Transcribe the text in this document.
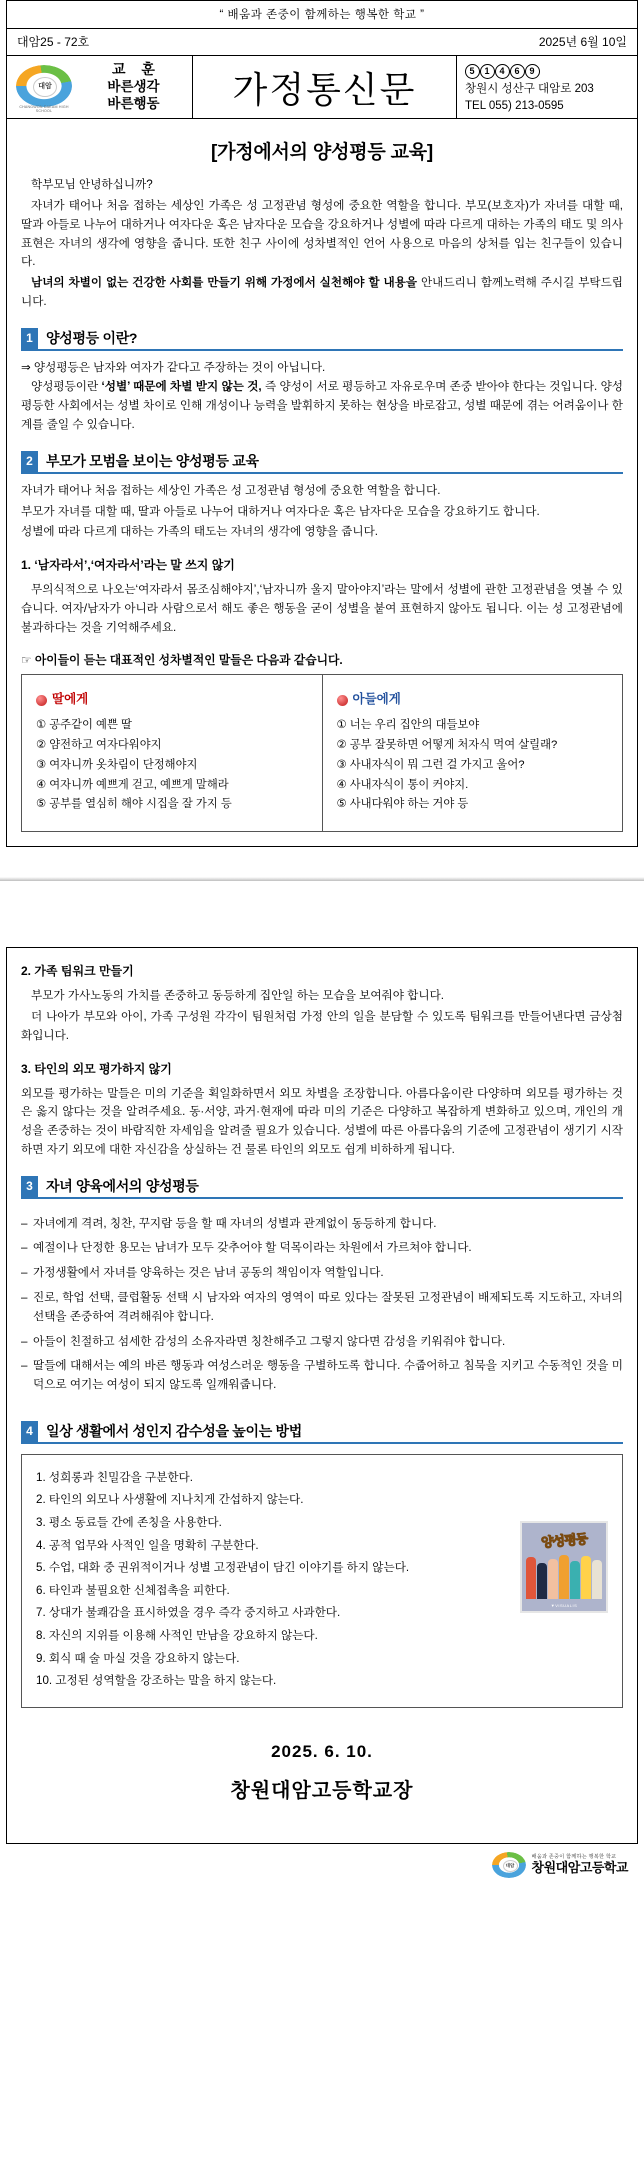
“ 배움과 존중이 함께하는 행복한 학교 ”
대암25 - 72호	2025년 6월 10일
대암
CHANGWON DAEAM HIGH SCHOOL
교 훈
바른생각
바른행동	가정통신문	5 1 4 6 9
창원시 성산구 대암로 203
TEL 055) 213-0595
[가정에서의 양성평등 교육]

학부모님 안녕하십니까?

자녀가 태어나 처음 접하는 세상인 가족은 성 고정관념 형성에 중요한 역할을 합니다. 부모(보호자)가 자녀를 대할 때, 딸과 아들로 나누어 대하거나 여자다운 혹은 남자다운 모습을 강요하거나 성별에 따라 다르게 대하는 가족의 태도 및 의사 표현은 자녀의 생각에 영향을 줍니다. 또한 친구 사이에 성차별적인 언어 사용으로 마음의 상처를 입는 친구들이 있습니다.

남녀의 차별이 없는 건강한 사회를 만들기 위해 가정에서 실천해야 할 내용을 안내드리니 함께노력해 주시길 부탁드립니다.

1 양성평등 이란?

⇒ 양성평등은 남자와 여자가 같다고 주장하는 것이 아닙니다.

양성평등이란 ‘성별’ 때문에 차별 받지 않는 것, 즉 양성이 서로 평등하고 자유로우며 존중 받아야 한다는 것입니다. 양성 평등한 사회에서는 성별 차이로 인해 개성이나 능력을 발휘하지 못하는 현상을 바로잡고, 성별 때문에 겪는 어려움이나 한계를 줄일 수 있습니다.

2 부모가 모범을 보이는 양성평등 교육

자녀가 태어나 처음 접하는 세상인 가족은 성 고정관념 형성에 중요한 역할을 합니다.

부모가 자녀를 대할 때, 딸과 아들로 나누어 대하거나 여자다운 혹은 남자다운 모습을 강요하기도 합니다.

성별에 따라 다르게 대하는 가족의 태도는 자녀의 생각에 영향을 줍니다.

1. ‘남자라서’,‘여자라서’라는 말 쓰지 않기

무의식적으로 나오는‘여자라서 몸조심해야지’,‘남자니까 울지 말아야지’라는 말에서 성별에 관한 고정관념을 엿볼 수 있습니다. 여자/남자가 아니라 사람으로서 해도 좋은 행동을 굳이 성별을 붙여 표현하지 않아도 됩니다. 이는 성 고정관념에 불과하다는 것을 기억해주세요.

☞ 아이들이 듣는 대표적인 성차별적인 말들은 다음과 같습니다.
딸에게
① 공주같이 예쁜 딸
② 얌전하고 여자다워야지
③ 여자니까 옷차림이 단정해야지
④ 여자니까 예쁘게 걷고, 예쁘게 말해라
⑤ 공부를 열심히 해야 시집을 잘 가지 등

아들에게
① 너는 우리 집안의 대들보야
② 공부 잘못하면 어떻게 처자식 먹여 살릴래?
③ 사내자식이 뭐 그런 걸 가지고 울어?
④ 사내자식이 통이 커야지.
⑤ 사내다워야 하는 거야 등
2. 가족 팀워크 만들기

부모가 가사노동의 가치를 존중하고 동등하게 집안일 하는 모습을 보여줘야 합니다.

더 나아가 부모와 아이, 가족 구성원 각각이 팀원처럼 가정 안의 일을 분담할 수 있도록 팀워크를 만들어낸다면 금상첨화입니다.

3. 타인의 외모 평가하지 않기

외모를 평가하는 말들은 미의 기준을 획일화하면서 외모 차별을 조장합니다. 아름다움이란 다양하며 외모를 평가하는 것은 옳지 않다는 것을 알려주세요. 동·서양, 과거·현재에 따라 미의 기준은 다양하고 복잡하게 변화하고 있으며, 개인의 개성을 존중하는 것이 바람직한 자세임을 알려줄 필요가 있습니다. 성별에 따른 아름다움의 기준에 고정관념이 생기기 시작하면 자기 외모에 대한 자신감을 상실하는 건 물론 타인의 외모도 쉽게 비하하게 됩니다.

3 자녀 양육에서의 양성평등
– 자녀에게 격려, 칭찬, 꾸지람 등을 할 때 자녀의 성별과 관계없이 동등하게 합니다.
– 예절이나 단정한 용모는 남녀가 모두 갖추어야 할 덕목이라는 차원에서 가르쳐야 합니다.
– 가정생활에서 자녀를 양육하는 것은 남녀 공동의 책임이자 역할입니다.
– 진로, 학업 선택, 클럽활동 선택 시 남자와 여자의 영역이 따로 있다는 잘못된 고정관념이 배제되도록 지도하고, 자녀의 선택을 존중하여 격려해줘야 합니다.
– 아들이 친절하고 섬세한 감성의 소유자라면 칭찬해주고 그렇지 않다면 감성을 키워줘야 합니다.
– 딸들에 대해서는 예의 바른 행동과 여성스러운 행동을 구별하도록 합니다. 수줍어하고 침묵을 지키고 수동적인 것을 미덕으로 여기는 여성이 되지 않도록 일깨워줍니다.
4 일상 생활에서 성인지 감수성을 높이는 방법
1. 성희롱과 친밀감을 구분한다.
2. 타인의 외모나 사생활에 지나치게 간섭하지 않는다.
3. 평소 동료들 간에 존칭을 사용한다.
4. 공적 업무와 사적인 일을 명확히 구분한다.
5. 수업, 대화 중 권위적이거나 성별 고정관념이 담긴 이야기를 하지 않는다.
6. 타인과 불필요한 신체접촉을 피한다.
7. 상대가 불쾌감을 표시하였을 경우 즉각 중지하고 사과한다.
8. 자신의 지위를 이용해 사적인 만남을 강요하지 않는다.
9. 회식 때 술 마실 것을 강요하지 않는다.
10. 고정된 성역할을 강조하는 말을 하지 않는다.
양성평등
▼VISUALIS
2025. 6. 10.
창원대암고등학교장
대암
배움과 존중이 함께하는 행복한 학교
창원대암고등학교
